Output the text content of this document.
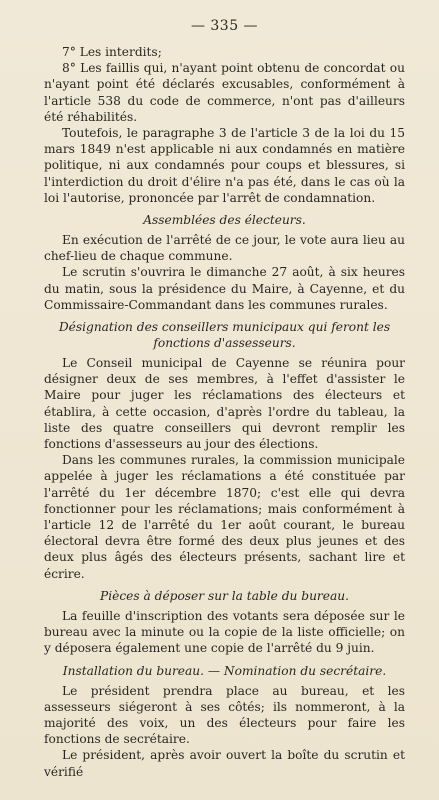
— 335 —

7° Les interdits;

8° Les faillis qui, n'ayant point obtenu de concordat ou n'ayant point été déclarés excusables, conformément à l'article 538 du code de commerce, n'ont pas d'ailleurs été réhabilités.

Toutefois, le paragraphe 3 de l'article 3 de la loi du 15 mars 1849 n'est applicable ni aux condamnés en matière politique, ni aux condamnés pour coups et blessures, si l'interdiction du droit d'élire n'a pas été, dans le cas où la loi l'autorise, prononcée par l'arrêt de condamnation.

Assemblées des électeurs.

En exécution de l'arrêté de ce jour, le vote aura lieu au chef-lieu de chaque commune.

Le scrutin s'ouvrira le dimanche 27 août, à six heures du matin, sous la présidence du Maire, à Cayenne, et du Commissaire-Commandant dans les communes rurales.

Désignation des conseillers municipaux qui feront les fonctions d'assesseurs.

Le Conseil municipal de Cayenne se réunira pour désigner deux de ses membres, à l'effet d'assister le Maire pour juger les réclamations des électeurs et établira, à cette occasion, d'après l'ordre du tableau, la liste des quatre conseillers qui devront remplir les fonctions d'assesseurs au jour des élections.

Dans les communes rurales, la commission municipale appelée à juger les réclamations a été constituée par l'arrêté du 1er décembre 1870; c'est elle qui devra fonctionner pour les réclamations; mais conformément à l'article 12 de l'arrêté du 1er août courant, le bureau électoral devra être formé des deux plus jeunes et des deux plus âgés des électeurs présents, sachant lire et écrire.

Pièces à déposer sur la table du bureau.

La feuille d'inscription des votants sera déposée sur le bureau avec la minute ou la copie de la liste officielle; on y déposera également une copie de l'arrêté du 9 juin.

Installation du bureau. — Nomination du secrétaire.

Le président prendra place au bureau, et les assesseurs siégeront à ses côtés; ils nommeront, à la majorité des voix, un des électeurs pour faire les fonctions de secrétaire.

Le président, après avoir ouvert la boîte du scrutin et vérifié
